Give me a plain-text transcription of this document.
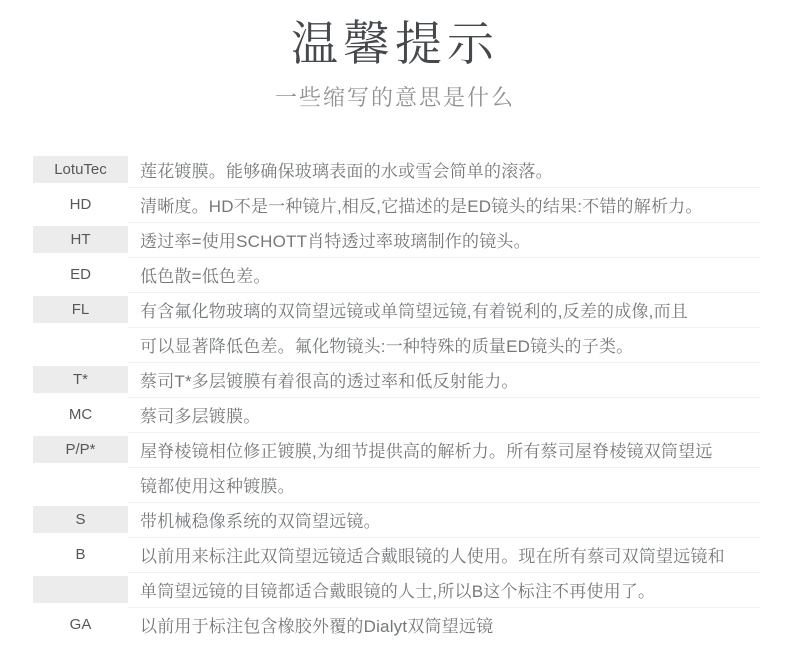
温馨提示
一些缩写的意思是什么
LotuTec	莲花镀膜。能够确保玻璃表面的水或雪会简单的滚落。
HD	清晰度。HD不是一种镜片,相反,它描述的是ED镜头的结果:不错的解析力。
HT	透过率=使用SCHOTT肖特透过率玻璃制作的镜头。
ED	低色散=低色差。
FL	有含氟化物玻璃的双筒望远镜或单筒望远镜,有着锐利的,反差的成像,而且
可以显著降低色差。氟化物镜头:一种特殊的质量ED镜头的子类。
T*	蔡司T*多层镀膜有着很高的透过率和低反射能力。
MC	蔡司多层镀膜。
P/P*	屋脊棱镜相位修正镀膜,为细节提供高的解析力。所有蔡司屋脊棱镜双筒望远
镜都使用这种镀膜。
S	带机械稳像系统的双筒望远镜。
B	以前用来标注此双筒望远镜适合戴眼镜的人使用。现在所有蔡司双筒望远镜和
单筒望远镜的目镜都适合戴眼镜的人士,所以B这个标注不再使用了。
GA	以前用于标注包含橡胶外覆的Dialyt双筒望远镜
